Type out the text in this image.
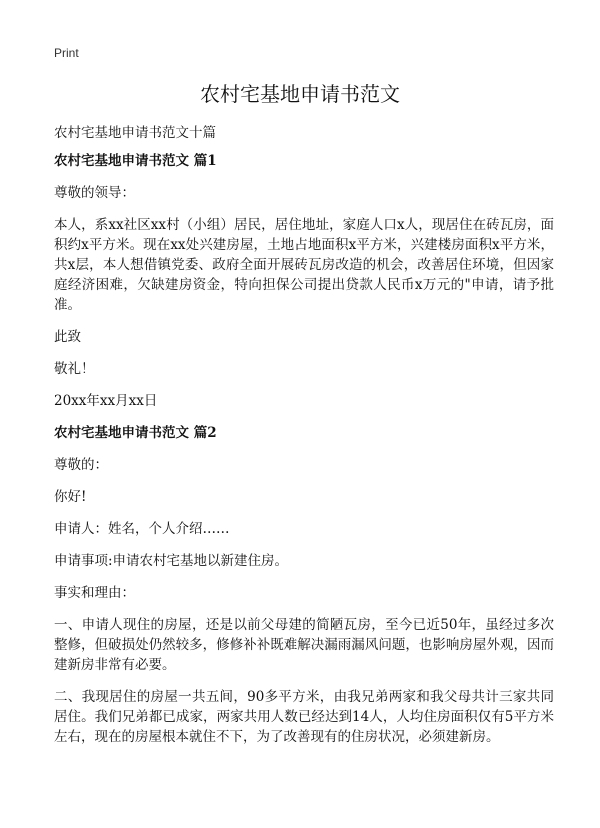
Print
农村宅基地申请书范文
农村宅基地申请书范文十篇
农村宅基地申请书范文 篇1

尊敬的领导：

本人，系xx社区xx村（小组）居民，居住地址，家庭人口x人，现居住在砖瓦房，面积约x平方米。现在xx处兴建房屋，土地占地面积x平方米，兴建楼房面积x平方米，共x层，本人想借镇党委、政府全面开展砖瓦房改造的机会，改善居住环境，但因家庭经济困难，欠缺建房资金，特向担保公司提出贷款人民币x万元的"申请，请予批准。

此致

敬礼！

20xx年xx月xx日

农村宅基地申请书范文 篇2

尊敬的：

你好!

申请人：姓名，个人介绍……

申请事项:申请农村宅基地以新建住房。

事实和理由：

一、申请人现住的房屋，还是以前父母建的简陋瓦房，至今已近50年，虽经过多次整修，但破损处仍然较多，修修补补既难解决漏雨漏风问题，也影响房屋外观，因而建新房非常有必要。

二、我现居住的房屋一共五间，90多平方米，由我兄弟两家和我父母共计三家共同居住。我们兄弟都已成家，两家共用人数已经达到14人，人均住房面积仅有5平方米左右，现在的房屋根本就住不下，为了改善现有的住房状况，必须建新房。
